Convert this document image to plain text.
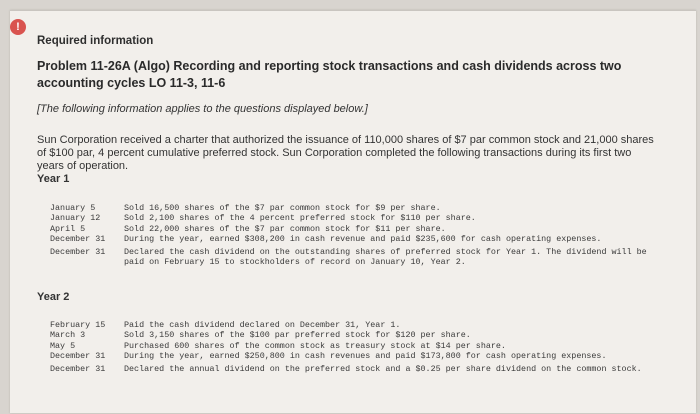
!
Required information
Problem 11-26A (Algo) Recording and reporting stock transactions and cash dividends across two accounting cycles LO 11-3, 11-6
[The following information applies to the questions displayed below.]
Sun Corporation received a charter that authorized the issuance of 110,000 shares of $7 par common stock and 21,000 shares of $100 par, 4 percent cumulative preferred stock. Sun Corporation completed the following transactions during its first two years of operation.
Year 1
January 5	Sold 16,500 shares of the $7 par common stock for $9 per share.
January 12	Sold 2,100 shares of the 4 percent preferred stock for $110 per share.
April 5	Sold 22,000 shares of the $7 par common stock for $11 per share.
December 31	During the year, earned $308,200 in cash revenue and paid $235,600 for cash operating expenses.
December 31	Declared the cash dividend on the outstanding shares of preferred stock for Year 1. The dividend will be paid on February 15 to stockholders of record on January 10, Year 2.
Year 2
February 15	Paid the cash dividend declared on December 31, Year 1.
March 3	Sold 3,150 shares of the $100 par preferred stock for $120 per share.
May 5	Purchased 600 shares of the common stock as treasury stock at $14 per share.
December 31	During the year, earned $250,800 in cash revenues and paid $173,800 for cash operating expenses.
December 31	Declared the annual dividend on the preferred stock and a $0.25 per share dividend on the common stock.
